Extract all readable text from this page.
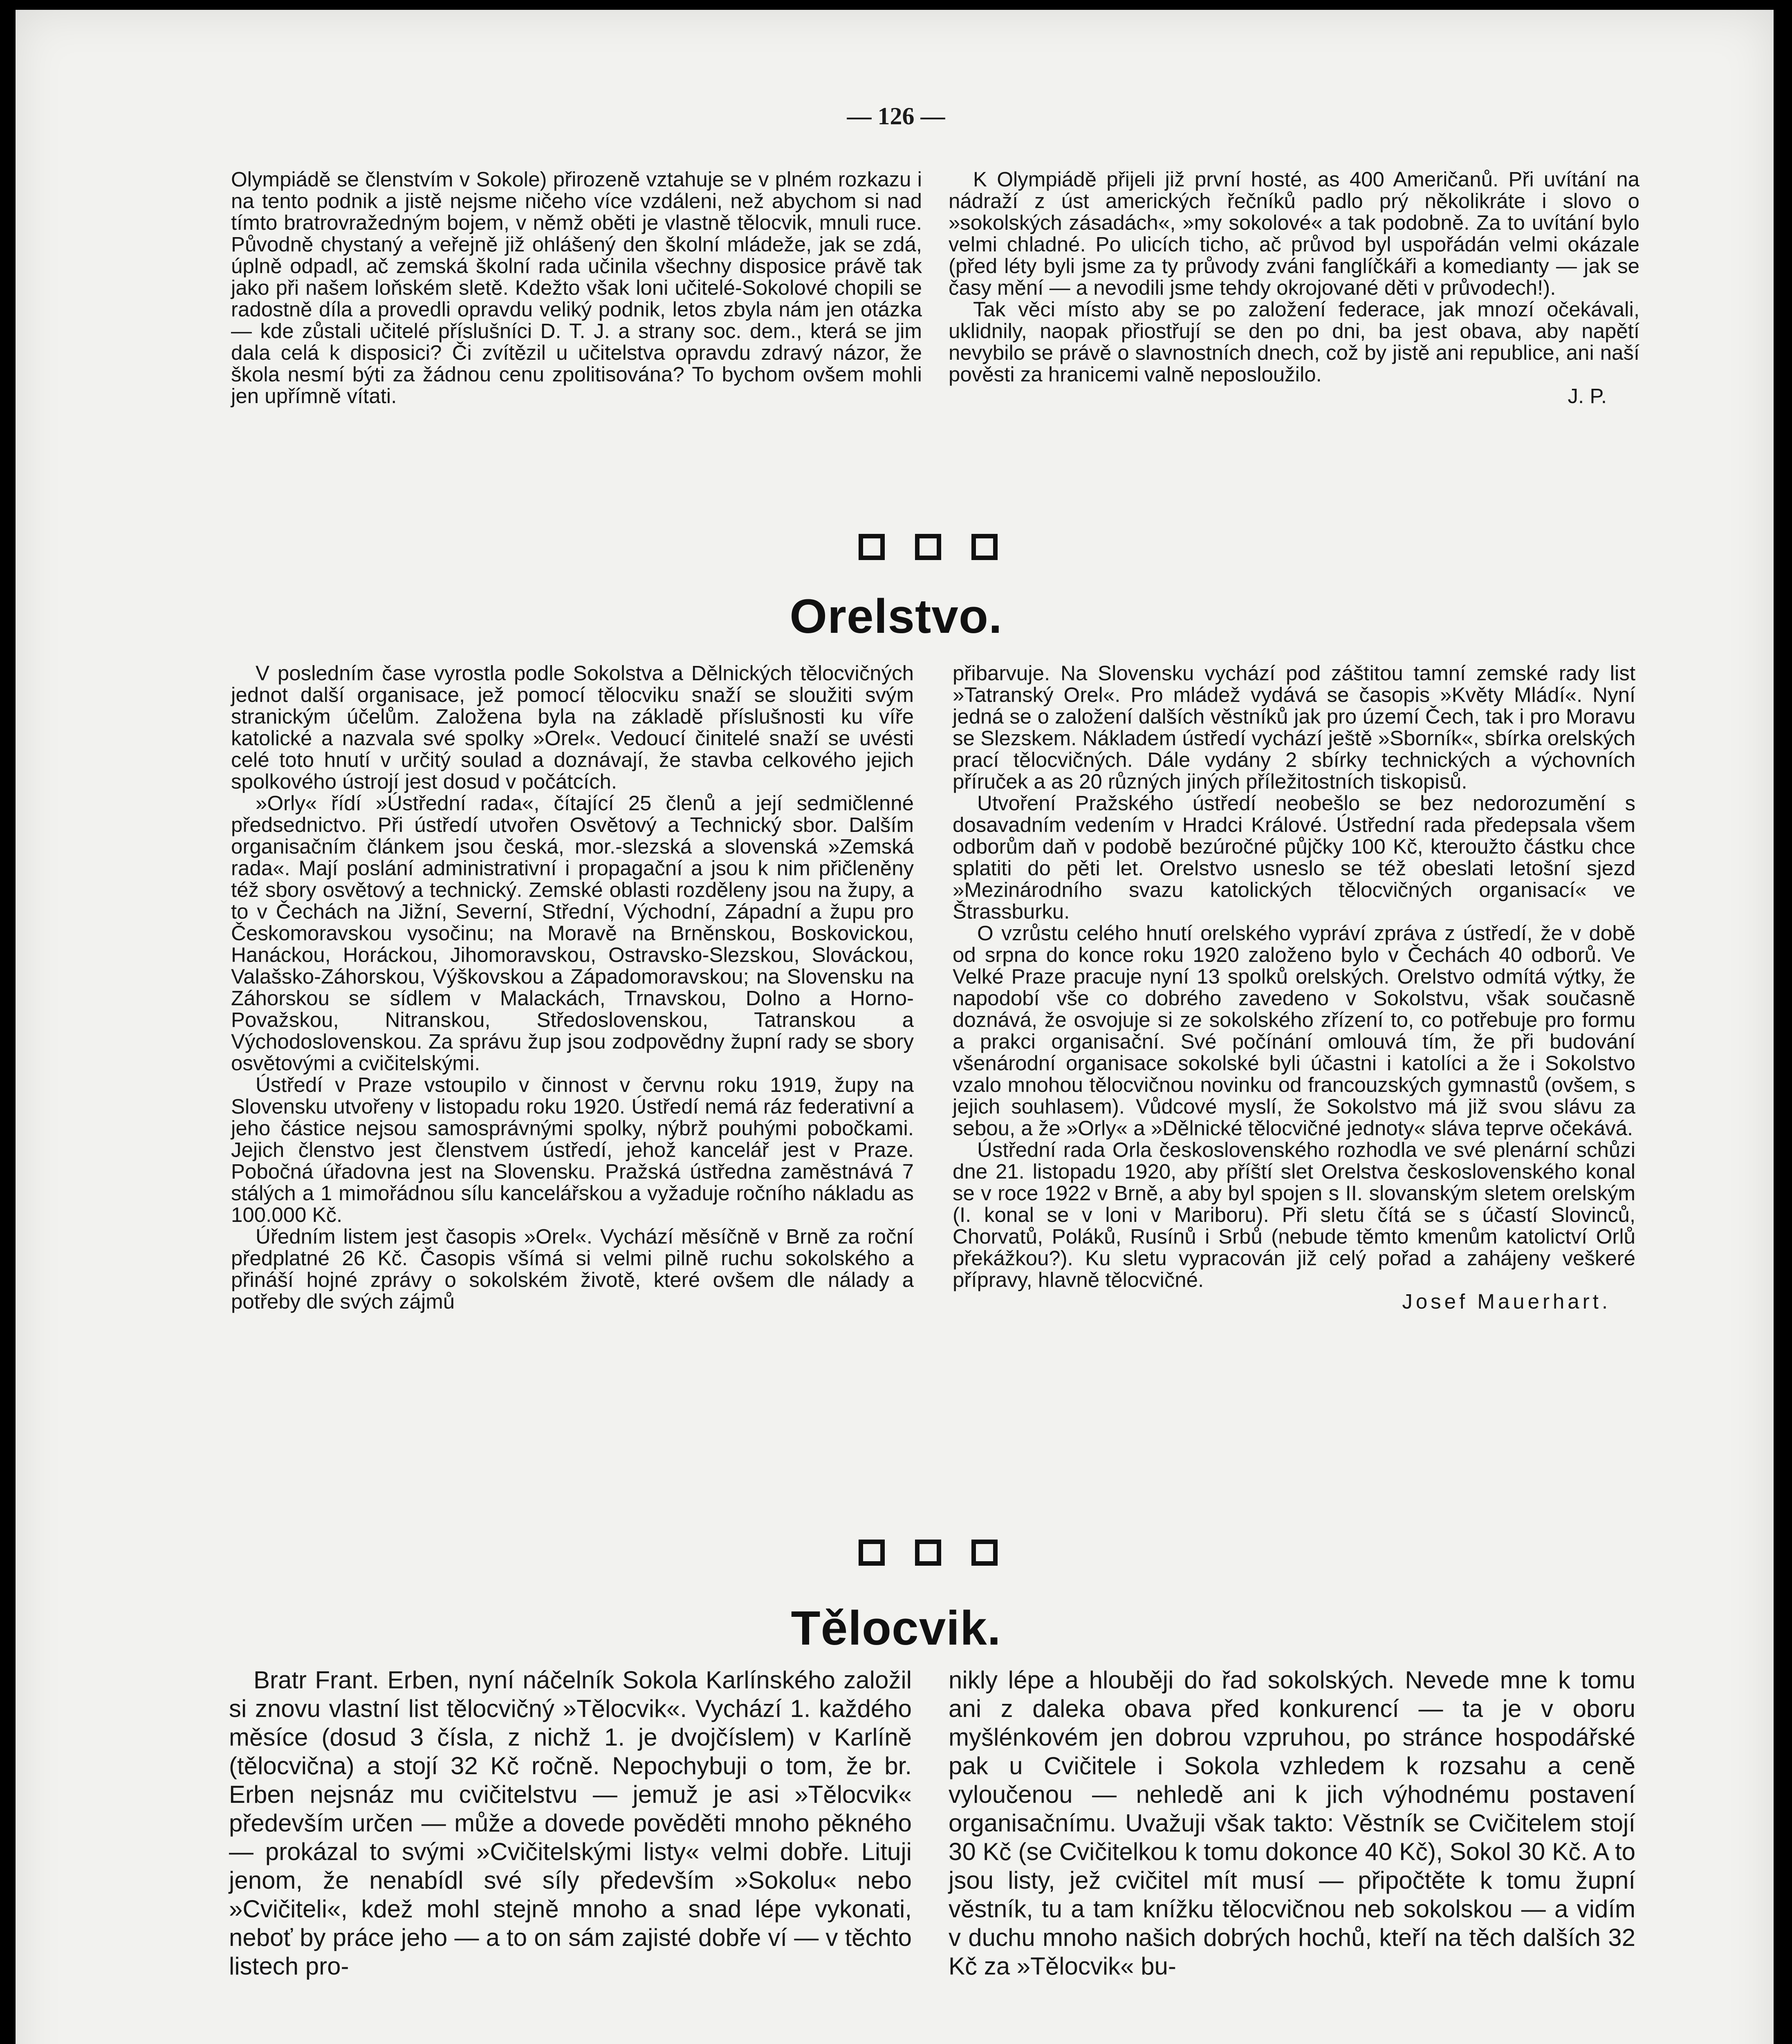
— 126 —

Olympiádě se členstvím v Sokole) přirozeně vztahuje se v plném rozkazu i na tento podnik a jistě nejsme ničeho více vzdáleni, než abychom si nad tímto bratrovražedným bojem, v němž oběti je vlastně tělocvik, mnuli ruce. Původně chystaný a veřejně již ohlášený den školní mládeže, jak se zdá, úplně odpadl, ač zemská školní rada učinila všechny disposice právě tak jako při našem loňském sletě. Kdežto však loni učitelé-Sokolové chopili se radostně díla a provedli opravdu veliký podnik, letos zbyla nám jen otázka — kde zůstali učitelé příslušníci D. T. J. a strany soc. dem., která se jim dala celá k disposici? Či zvítězil u učitelstva opravdu zdravý názor, že škola nesmí býti za žádnou cenu zpolitisována? To bychom ovšem mohli jen upřímně vítati.

K Olympiádě přijeli již první hosté, as 400 Američanů. Při uvítání na nádraží z úst amerických řečníků padlo prý několikráte i slovo o »sokolských zásadách«, »my sokolové« a tak podobně. Za to uvítání bylo velmi chladné. Po ulicích ticho, ač průvod byl uspořádán velmi okázale (před léty byli jsme za ty průvody zváni fanglíčkáři a komedianty — jak se časy mění — a nevodili jsme tehdy okrojované děti v průvodech!).

Tak věci místo aby se po založení federace, jak mnozí očekávali, uklidnily, naopak přiostřují se den po dni, ba jest obava, aby napětí nevybilo se právě o slavnostních dnech, což by jistě ani republice, ani naší pověsti za hranicemi valně neposloužilo.

J. P.

Orelstvo.

V posledním čase vyrostla podle Sokolstva a Dělnických tělocvičných jednot další organisace, jež pomocí tělocviku snaží se sloužiti svým stranickým účelům. Založena byla na základě příslušnosti ku víře katolické a nazvala své spolky »Orel«. Vedoucí činitelé snaží se uvésti celé toto hnutí v určitý soulad a doznávají, že stavba celkového jejich spolkového ústrojí jest dosud v počátcích.

»Orly« řídí »Ústřední rada«, čítající 25 členů a její sedmičlenné předsednictvo. Při ústředí utvořen Osvětový a Technický sbor. Dalším organisačním článkem jsou česká, mor.-slezská a slovenská »Zemská rada«. Mají poslání administrativní i propagační a jsou k nim přičleněny též sbory osvětový a technický. Zemské oblasti rozděleny jsou na župy, a to v Čechách na Jižní, Severní, Střední, Východní, Západní a župu pro Českomoravskou vysočinu; na Moravě na Brněnskou, Boskovickou, Hanáckou, Horáckou, Jihomoravskou, Ostravsko-Slezskou, Slováckou, Valašsko-Záhorskou, Výškovskou a Západomoravskou; na Slovensku na Záhorskou se sídlem v Malackách, Trnavskou, Dolno a Horno-Považskou, Nitranskou, Středoslovenskou, Tatranskou a Východoslovenskou. Za správu žup jsou zodpovědny župní rady se sbory osvětovými a cvičitelskými.

Ústředí v Praze vstoupilo v činnost v červnu roku 1919, župy na Slovensku utvořeny v listopadu roku 1920. Ústředí nemá ráz federativní a jeho částice nejsou samosprávnými spolky, nýbrž pouhými pobočkami. Jejich členstvo jest členstvem ústředí, jehož kancelář jest v Praze. Pobočná úřadovna jest na Slovensku. Pražská ústředna zaměstnává 7 stálých a 1 mimořádnou sílu kancelářskou a vyžaduje ročního nákladu as 100.000 Kč.

Úředním listem jest časopis »Orel«. Vychází měsíčně v Brně za roční předplatné 26 Kč. Časopis všímá si velmi pilně ruchu sokolského a přináší hojné zprávy o sokolském životě, které ovšem dle nálady a potřeby dle svých zájmů

přibarvuje. Na Slovensku vychází pod záštitou tamní zemské rady list »Tatranský Orel«. Pro mládež vydává se časopis »Květy Mládí«. Nyní jedná se o založení dalších věstníků jak pro území Čech, tak i pro Moravu se Slezskem. Nákladem ústředí vychází ještě »Sborník«, sbírka orelských prací tělocvičných. Dále vydány 2 sbírky technických a výchovních příruček a as 20 různých jiných příležitostních tiskopisů.

Utvoření Pražského ústředí neobešlo se bez nedorozumění s dosavadním vedením v Hradci Králové. Ústřední rada předepsala všem odborům daň v podobě bezúročné půjčky 100 Kč, kteroužto částku chce splatiti do pěti let. Orelstvo usneslo se též obeslati letošní sjezd »Mezinárodního svazu katolických tělocvičných organisací« ve Štrassburku.

O vzrůstu celého hnutí orelského vypráví zpráva z ústředí, že v době od srpna do konce roku 1920 založeno bylo v Čechách 40 odborů. Ve Velké Praze pracuje nyní 13 spolků orelských. Orelstvo odmítá výtky, že napodobí vše co dobrého zavedeno v Sokolstvu, však současně doznává, že osvojuje si ze sokolského zřízení to, co potřebuje pro formu a prakci organisační. Své počínání omlouvá tím, že při budování všenárodní organisace sokolské byli účastni i katolíci a že i Sokolstvo vzalo mnohou tělocvičnou novinku od francouzských gymnastů (ovšem, s jejich souhlasem). Vůdcové myslí, že Sokolstvo má již svou slávu za sebou, a že »Orly« a »Dělnické tělocvičné jednoty« sláva teprve očekává.

Ústřední rada Orla československého rozhodla ve své plenární schůzi dne 21. listopadu 1920, aby příští slet Orelstva československého konal se v roce 1922 v Brně, a aby byl spojen s II. slovanským sletem orelským (I. konal se v loni v Mariboru). Při sletu čítá se s účastí Slovinců, Chorvatů, Poláků, Rusínů i Srbů (nebude těmto kmenům katolictví Orlů překážkou?). Ku sletu vypracován již celý pořad a zahájeny veškeré přípravy, hlavně tělocvičné.

Josef Mauerhart.

Tělocvik.

Bratr Frant. Erben, nyní náčelník Sokola Karlínského založil si znovu vlastní list tělocvičný »Tělocvik«. Vychází 1. každého měsíce (dosud 3 čísla, z nichž 1. je dvojčíslem) v Karlíně (tělocvična) a stojí 32 Kč ročně. Nepochybuji o tom, že br. Erben nejsnáz mu cvičitelstvu — jemuž je asi »Tělocvik« především určen — může a dovede pověděti mnoho pěkného — prokázal to svými »Cvičitelskými listy« velmi dobře. Lituji jenom, že nenabídl své síly především »Sokolu« nebo »Cvičiteli«, kdež mohl stejně mnoho a snad lépe vykonati, neboť by práce jeho — a to on sám zajisté dobře ví — v těchto listech pro-

nikly lépe a hlouběji do řad sokolských. Nevede mne k tomu ani z daleka obava před konkurencí — ta je v oboru myšlénkovém jen dobrou vzpruhou, po stránce hospodářské pak u Cvičitele i Sokola vzhledem k rozsahu a ceně vyloučenou — nehledě ani k jich výhodnému postavení organisačnímu. Uvažuji však takto: Věstník se Cvičitelem stojí 30 Kč (se Cvičitelkou k tomu dokonce 40 Kč), Sokol 30 Kč. A to jsou listy, jež cvičitel mít musí — připočtěte k tomu župní věstník, tu a tam knížku tělocvičnou neb sokolskou — a vidím v duchu mnoho našich dobrých hochů, kteří na těch dalších 32 Kč za »Tělocvik« bu-
